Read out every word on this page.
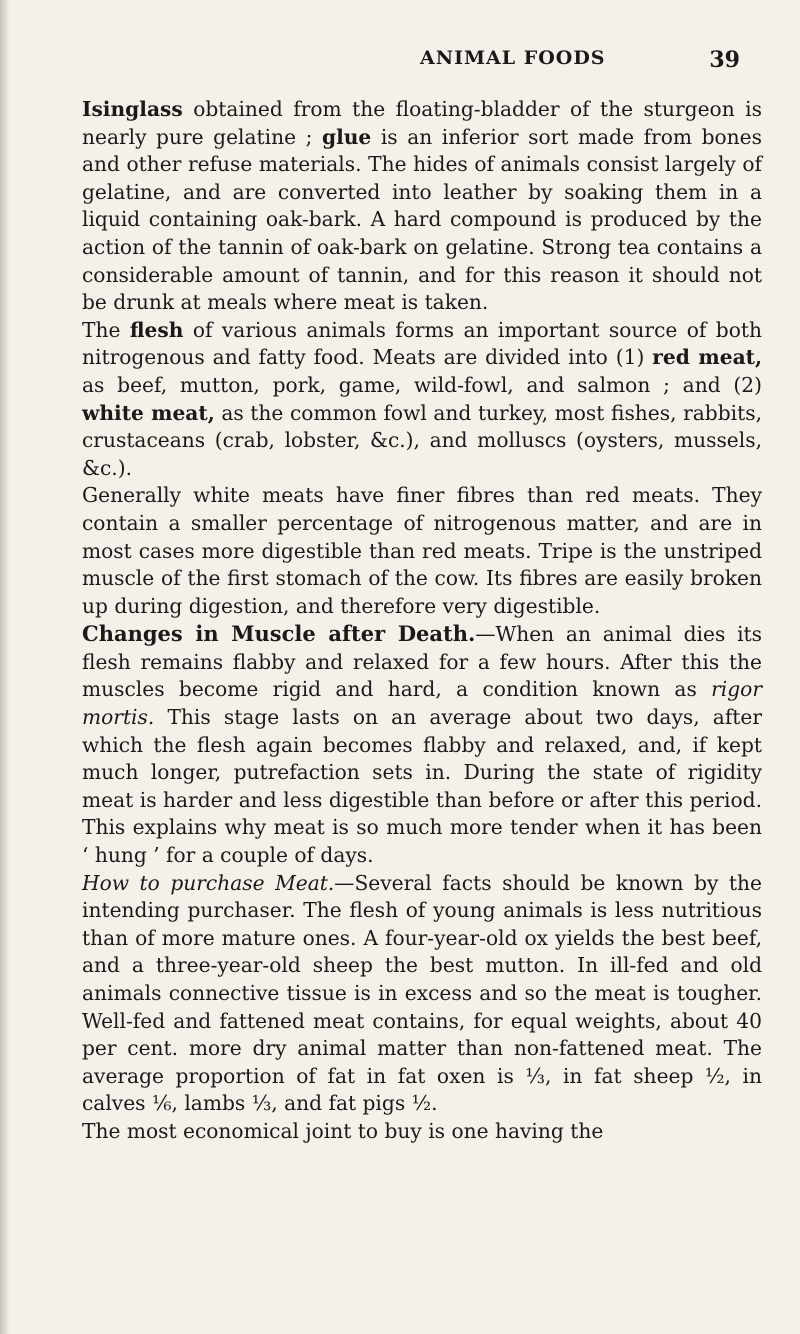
ANIMAL FOODS	39

Isinglass obtained from the floating-bladder of the sturgeon is nearly pure gelatine ; glue is an inferior sort made from bones and other refuse materials. The hides of animals consist largely of gelatine, and are converted into leather by soaking them in a liquid containing oak-bark. A hard compound is produced by the action of the tannin of oak-bark on gelatine. Strong tea contains a considerable amount of tannin, and for this reason it should not be drunk at meals where meat is taken.

The flesh of various animals forms an important source of both nitrogenous and fatty food. Meats are divided into (1) red meat, as beef, mutton, pork, game, wild-fowl, and salmon ; and (2) white meat, as the common fowl and turkey, most fishes, rabbits, crustaceans (crab, lobster, &c.), and molluscs (oysters, mussels, &c.).

Generally white meats have finer fibres than red meats. They contain a smaller percentage of nitrogenous matter, and are in most cases more digestible than red meats. Tripe is the unstriped muscle of the first stomach of the cow. Its fibres are easily broken up during digestion, and therefore very digestible.

Changes in Muscle after Death.—When an animal dies its flesh remains flabby and relaxed for a few hours. After this the muscles become rigid and hard, a condition known as rigor mortis. This stage lasts on an average about two days, after which the flesh again becomes flabby and relaxed, and, if kept much longer, putrefaction sets in. During the state of rigidity meat is harder and less digestible than before or after this period. This explains why meat is so much more tender when it has been ‘ hung ’ for a couple of days.

How to purchase Meat.—Several facts should be known by the intending purchaser. The flesh of young animals is less nutritious than of more mature ones. A four-year-old ox yields the best beef, and a three-year-old sheep the best mutton. In ill-fed and old animals connective tissue is in excess and so the meat is tougher. Well-fed and fattened meat contains, for equal weights, about 40 per cent. more dry animal matter than non-fattened meat. The average proportion of fat in fat oxen is ⅓, in fat sheep ½, in calves ⅙, lambs ⅓, and fat pigs ½.

The most economical joint to buy is one having the
